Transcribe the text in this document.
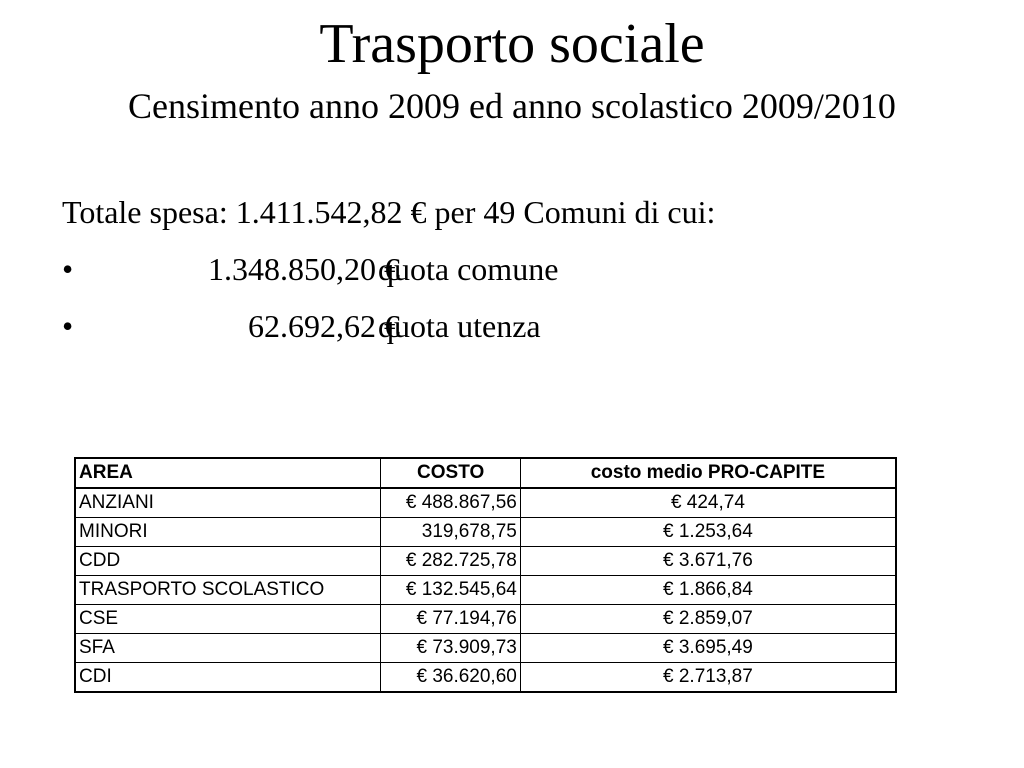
Trasporto sociale
Censimento anno 2009 ed anno scolastico 2009/2010
Totale spesa: 1.411.542,82 € per 49 Comuni di cui:
•	1.348.850,20 €
quota comune
•	62.692,62 €
quota utenza
AREA	COSTO	costo medio PRO-CAPITE
ANZIANI	€ 488.867,56	€ 424,74
MINORI	319,678,75	€ 1.253,64
CDD	€ 282.725,78	€ 3.671,76
TRASPORTO SCOLASTICO	€ 132.545,64	€ 1.866,84
CSE	€ 77.194,76	€ 2.859,07
SFA	€ 73.909,73	€ 3.695,49
CDI	€ 36.620,60	€ 2.713,87
